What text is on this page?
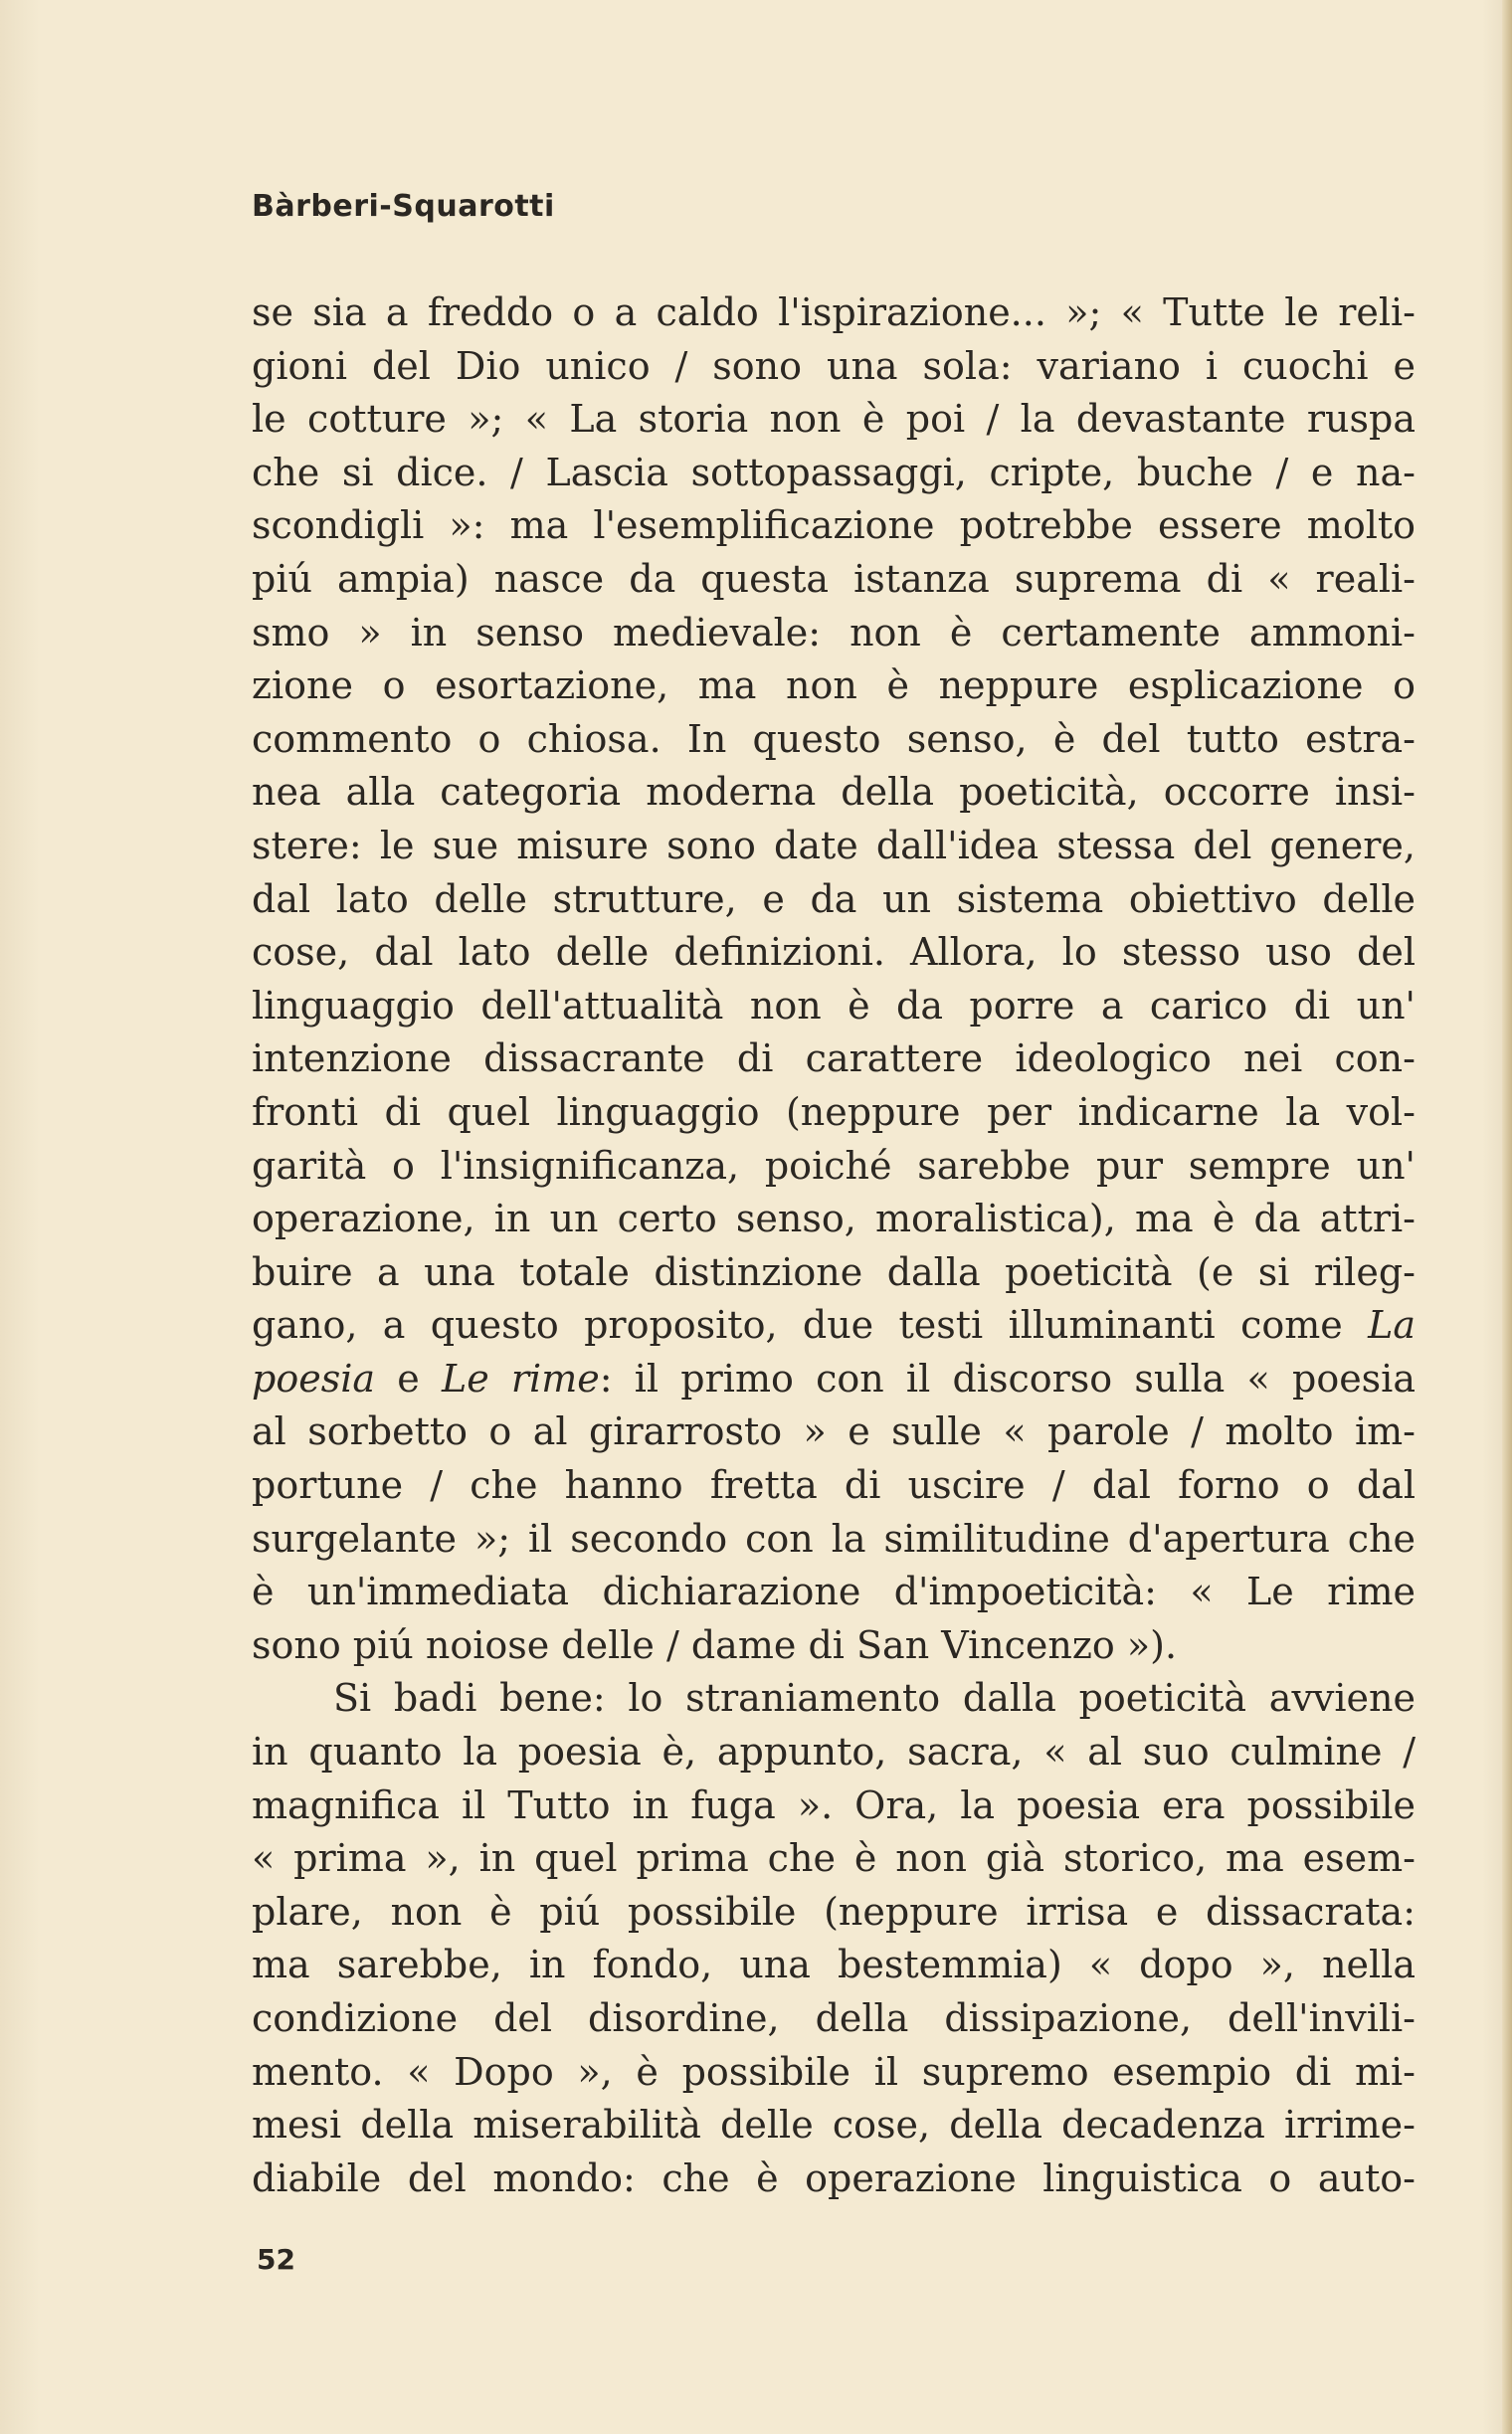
Bàrberi-Squarotti
se sia a freddo o a caldo l'ispirazione... »; « Tutte le reli-
gioni del Dio unico / sono una sola: variano i cuochi e
le cotture »; « La storia non è poi / la devastante ruspa
che si dice. / Lascia sottopassaggi, cripte, buche / e na-
scondigli »: ma l'esemplificazione potrebbe essere molto
piú ampia) nasce da questa istanza suprema di « reali-
smo » in senso medievale: non è certamente ammoni-
zione o esortazione, ma non è neppure esplicazione o
commento o chiosa. In questo senso, è del tutto estra-
nea alla categoria moderna della poeticità, occorre insi-
stere: le sue misure sono date dall'idea stessa del genere,
dal lato delle strutture, e da un sistema obiettivo delle
cose, dal lato delle definizioni. Allora, lo stesso uso del
linguaggio dell'attualità non è da porre a carico di un'
intenzione dissacrante di carattere ideologico nei con-
fronti di quel linguaggio (neppure per indicarne la vol-
garità o l'insignificanza, poiché sarebbe pur sempre un'
operazione, in un certo senso, moralistica), ma è da attri-
buire a una totale distinzione dalla poeticità (e si rileg-
gano, a questo proposito, due testi illuminanti come La
poesia e Le rime: il primo con il discorso sulla « poesia
al sorbetto o al girarrosto » e sulle « parole / molto im-
portune / che hanno fretta di uscire / dal forno o dal
surgelante »; il secondo con la similitudine d'apertura che
è un'immediata dichiarazione d'impoeticità: « Le rime
sono piú noiose delle / dame di San Vincenzo »).
Si badi bene: lo straniamento dalla poeticità avviene
in quanto la poesia è, appunto, sacra, « al suo culmine /
magnifica il Tutto in fuga ». Ora, la poesia era possibile
« prima », in quel prima che è non già storico, ma esem-
plare, non è piú possibile (neppure irrisa e dissacrata:
ma sarebbe, in fondo, una bestemmia) « dopo », nella
condizione del disordine, della dissipazione, dell'invili-
mento. « Dopo », è possibile il supremo esempio di mi-
mesi della miserabilità delle cose, della decadenza irrime-
diabile del mondo: che è operazione linguistica o auto-
52
